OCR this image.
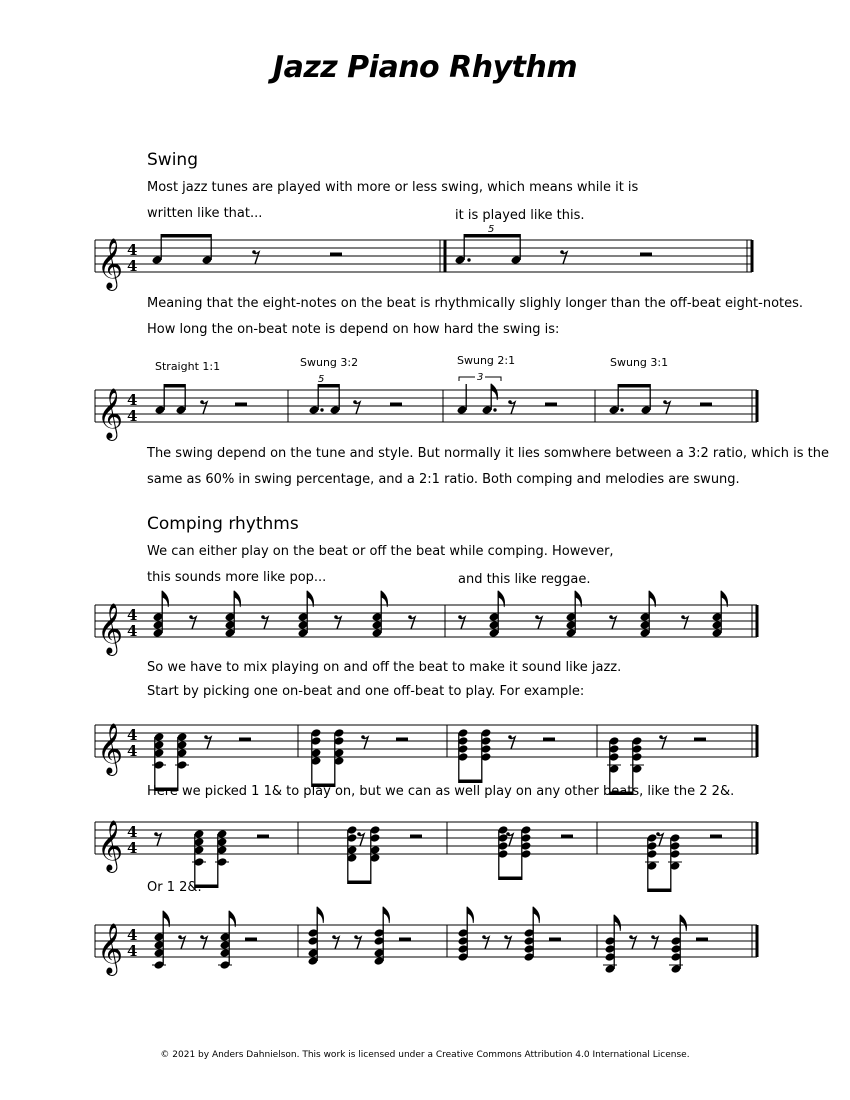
Jazz Piano Rhythm
Swing
Most jazz tunes are played with more or less swing, which means while it is
written like that...	it is played like this.
𝄞 4
4
5
Meaning that the eight-notes on the beat is rhythmically slighly longer than the off-beat eight-notes.
How long the on-beat note is depend on how hard the swing is:
Straight 1:1	Swung 3:2	Swung 2:1	Swung 3:1
𝄞 4
4
5	3
The swing depend on the tune and style. But normally it lies somwhere between a 3:2 ratio, which is the
same as 60% in swing percentage, and a 2:1 ratio. Both comping and melodies are swung.
Comping rhythms
We can either play on the beat or off the beat while comping. However,
this sounds more like pop...	and this like reggae.
𝄞 4
4
So we have to mix playing on and off the beat to make it sound like jazz.
Start by picking one on-beat and one off-beat to play. For example:
𝄞 4
4
Here we picked 1 1& to play on, but we can as well play on any other beats, like the 2 2&.
𝄞 4
4
Or 1 2&.
𝄞 4
4
© 2021 by Anders Dahnielson. This work is licensed under a Creative Commons Attribution 4.0 International License.
